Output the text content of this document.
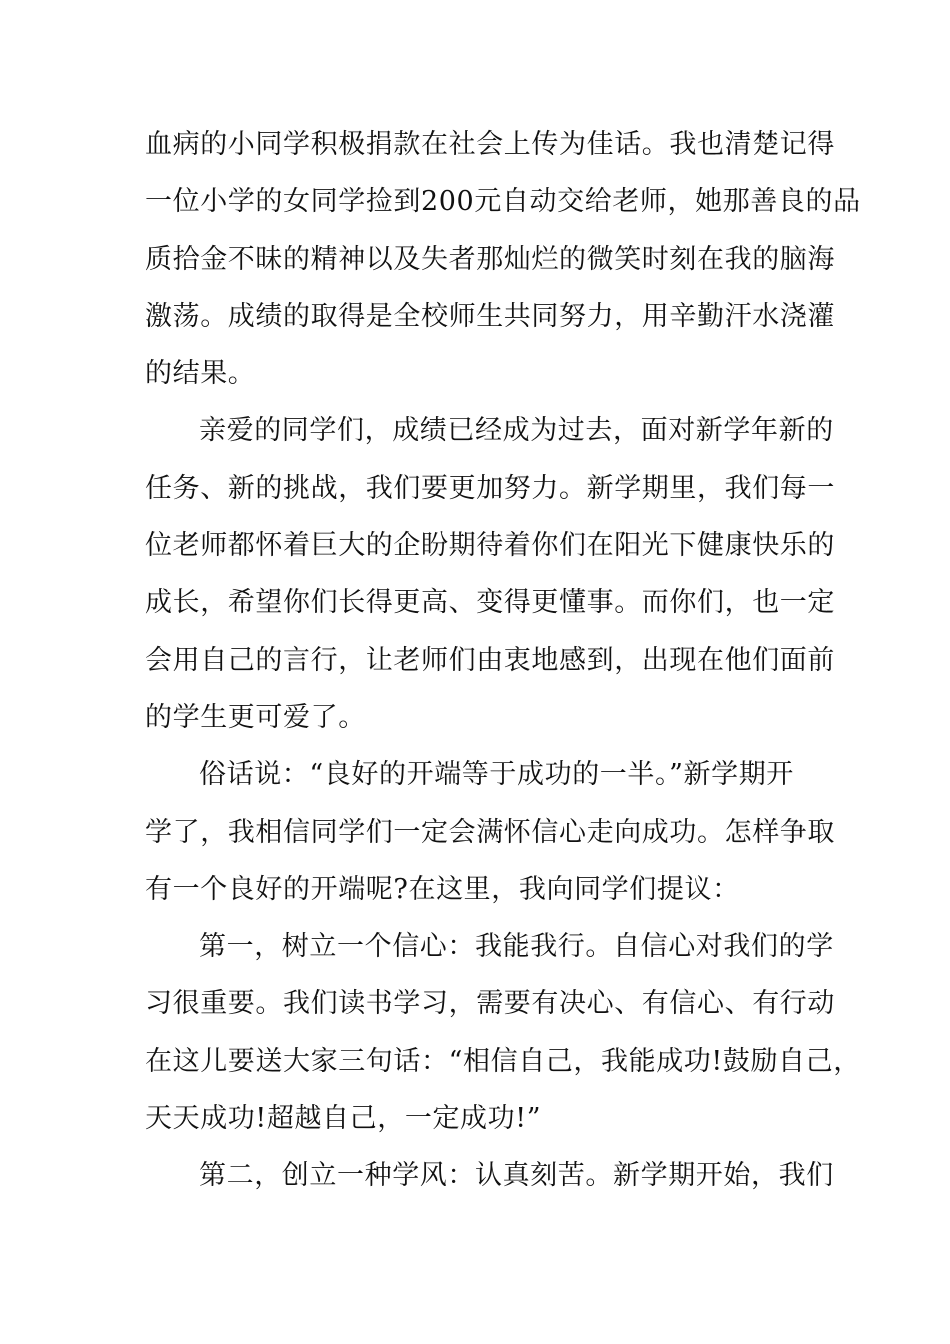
血病的小同学积极捐款在社会上传为佳话。我也清楚记得
一位小学的女同学捡到200元自动交给老师，她那善良的品
质拾金不昧的精神以及失者那灿烂的微笑时刻在我的脑海
激荡。成绩的取得是全校师生共同努力，用辛勤汗水浇灌
的结果。
亲爱的同学们，成绩已经成为过去，面对新学年新的
任务、新的挑战，我们要更加努力。新学期里，我们每一
位老师都怀着巨大的企盼期待着你们在阳光下健康快乐的
成长，希望你们长得更高、变得更懂事。而你们，也一定
会用自己的言行，让老师们由衷地感到，出现在他们面前
的学生更可爱了。
俗话说：“良好的开端等于成功的一半。”新学期开
学了，我相信同学们一定会满怀信心走向成功。怎样争取
有一个良好的开端呢?在这里，我向同学们提议：
第一，树立一个信心：我能我行。自信心对我们的学
习很重要。我们读书学习，需要有决心、有信心、有行动
在这儿要送大家三句话：“相信自己，我能成功!鼓励自己，
天天成功!超越自己，一定成功!”
第二，创立一种学风：认真刻苦。新学期开始，我们
